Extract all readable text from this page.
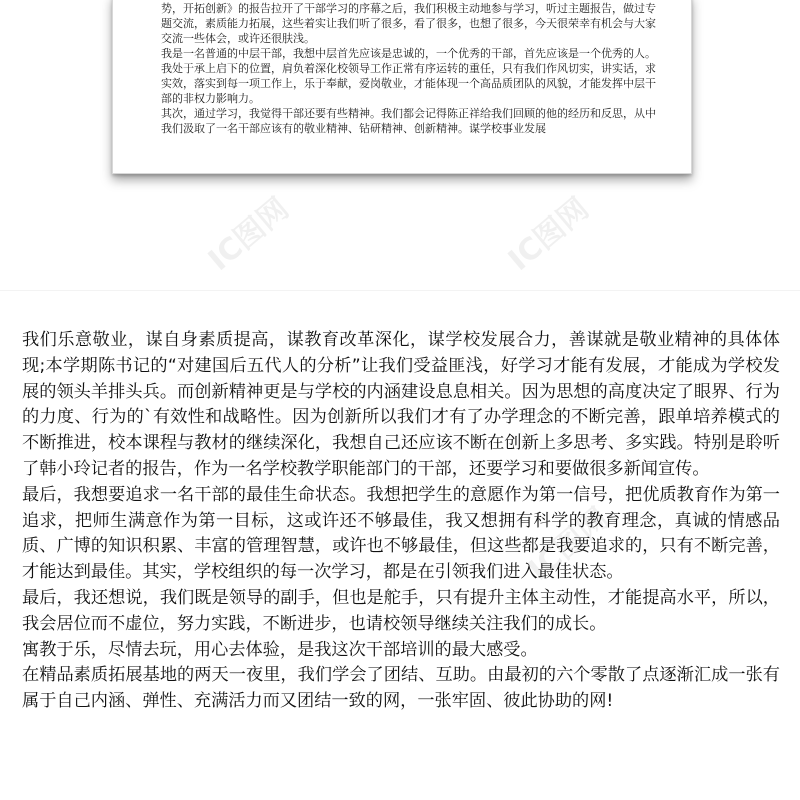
势，开拓创新》的报告拉开了干部学习的序幕之后，我们积极主动地参与学习，听过主题报告，做过专题交流，素质能力拓展，这些着实让我们听了很多，看了很多，也想了很多，今天很荣幸有机会与大家交流一些体会，或许还很肤浅。

我是一名普通的中层干部，我想中层首先应该是忠诚的，一个优秀的干部，首先应该是一个优秀的人。我处于承上启下的位置，肩负着深化校领导工作正常有序运转的重任，只有我们作风切实，讲实话，求实效，落实到每一项工作上，乐于奉献，爱岗敬业，才能体现一个高品质团队的风貌，才能发挥中层干部的非权力影响力。

其次，通过学习，我觉得干部还要有些精神。我们都会记得陈正祥给我们回顾的他的经历和反思，从中我们汲取了一名干部应该有的敬业精神、钻研精神、创新精神。谋学校事业发展

IC图网	IC图网
IC图网

我们乐意敬业，谋自身素质提高，谋教育改革深化，谋学校发展合力，善谋就是敬业精神的具体体现;本学期陈书记的“对建国后五代人的分析”让我们受益匪浅，好学习才能有发展，才能成为学校发展的领头羊排头兵。而创新精神更是与学校的内涵建设息息相关。因为思想的高度决定了眼界、行为的力度、行为的`有效性和战略性。因为创新所以我们才有了办学理念的不断完善，跟单培养模式的不断推进，校本课程与教材的继续深化，我想自己还应该不断在创新上多思考、多实践。特别是聆听了韩小玲记者的报告，作为一名学校教学职能部门的干部，还要学习和要做很多新闻宣传。

最后，我想要追求一名干部的最佳生命状态。我想把学生的意愿作为第一信号，把优质教育作为第一追求，把师生满意作为第一目标，这或许还不够最佳，我又想拥有科学的教育理念，真诚的情感品质、广博的知识积累、丰富的管理智慧，或许也不够最佳，但这些都是我要追求的，只有不断完善，才能达到最佳。其实，学校组织的每一次学习，都是在引领我们进入最佳状态。

最后，我还想说，我们既是领导的副手，但也是舵手，只有提升主体主动性，才能提高水平，所以，我会居位而不虚位，努力实践，不断进步，也请校领导继续关注我们的成长。

寓教于乐，尽情去玩，用心去体验，是我这次干部培训的最大感受。

在精品素质拓展基地的两天一夜里，我们学会了团结、互助。由最初的六个零散了点逐渐汇成一张有属于自己内涵、弹性、充满活力而又团结一致的网，一张牢固、彼此协助的网!
